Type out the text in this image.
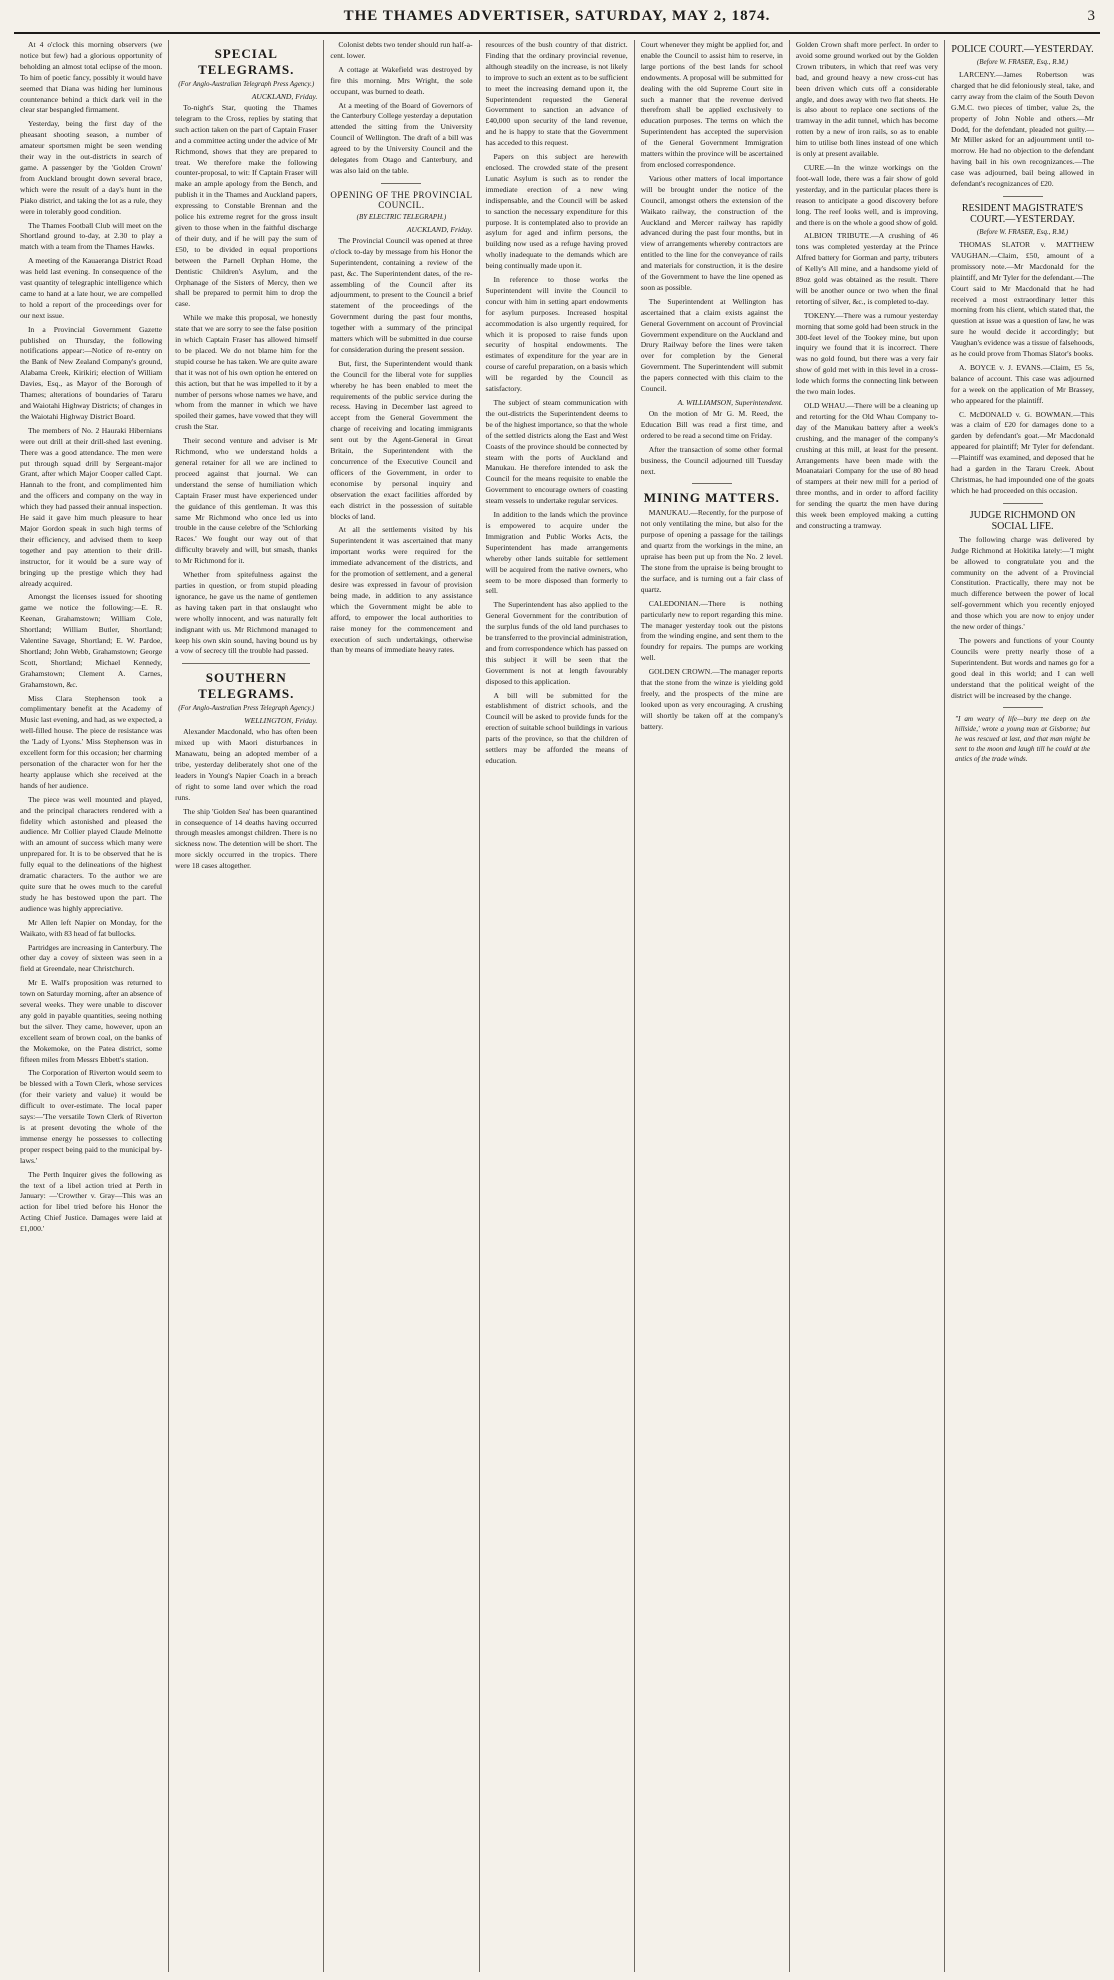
THE THAMES ADVERTISER, SATURDAY, MAY 2, 1874.	3

At 4 o'clock this morning observers (we notice but few) had a glorious opportunity of beholding an almost total eclipse of the moon. To him of poetic fancy, possibly it would have seemed that Diana was hiding her luminous countenance behind a thick dark veil in the clear star bespangled firmament.

Yesterday, being the first day of the pheasant shooting season, a number of amateur sportsmen might be seen wending their way in the out-districts in search of game. A passenger by the 'Golden Crown' from Auckland brought down several brace, which were the result of a day's hunt in the Piako district, and taking the lot as a rule, they were in tolerably good condition.

The Thames Football Club will meet on the Shortland ground to-day, at 2.30 to play a match with a team from the Thames Hawks.

A meeting of the Kauaeranga District Road was held last evening. In consequence of the vast quantity of telegraphic intelligence which came to hand at a late hour, we are compelled to hold a report of the proceedings over for our next issue.

In a Provincial Government Gazette published on Thursday, the following notifications appear:—Notice of re-entry on the Bank of New Zealand Company's ground, Alabama Creek, Kirikiri; election of William Davies, Esq., as Mayor of the Borough of Thames; alterations of boundaries of Tararu and Waiotahi Highway Districts; of changes in the Waiotahi Highway District Board.

The members of No. 2 Hauraki Hibernians were out drill at their drill-shed last evening. There was a good attendance. The men were put through squad drill by Sergeant-major Grant, after which Major Cooper called Capt. Hannah to the front, and complimented him and the officers and company on the way in which they had passed their annual inspection. He said it gave him much pleasure to hear Major Gordon speak in such high terms of their efficiency, and advised them to keep together and pay attention to their drill-instructor, for it would be a sure way of bringing up the prestige which they had already acquired.

Amongst the licenses issued for shooting game we notice the following:—E. R. Keenan, Grahamstown; William Cole, Shortland; William Butler, Shortland; Valentine Savage, Shortland; E. W. Pardoe, Shortland; John Webb, Grahamstown; George Scott, Shortland; Michael Kennedy, Grahamstown; Clement A. Carnes, Grahamstown, &c.

Miss Clara Stephenson took a complimentary benefit at the Academy of Music last evening, and had, as we expected, a well-filled house. The piece de resistance was the 'Lady of Lyons.' Miss Stephenson was in excellent form for this occasion; her charming personation of the character won for her the hearty applause which she received at the hands of her audience.

The piece was well mounted and played, and the principal characters rendered with a fidelity which astonished and pleased the audience. Mr Collier played Claude Melnotte with an amount of success which many were unprepared for. It is to be observed that he is fully equal to the delineations of the highest dramatic characters. To the author we are quite sure that he owes much to the careful study he has bestowed upon the part. The audience was highly appreciative.

Mr Allen left Napier on Monday, for the Waikato, with 83 head of fat bullocks.

Partridges are increasing in Canterbury. The other day a covey of sixteen was seen in a field at Greendale, near Christchurch.

Mr E. Wall's proposition was returned to town on Saturday morning, after an absence of several weeks. They were unable to discover any gold in payable quantities, seeing nothing but the silver. They came, however, upon an excellent seam of brown coal, on the banks of the Mokemoke, on the Patea district, some fifteen miles from Messrs Ebbett's station.

The Corporation of Riverton would seem to be blessed with a Town Clerk, whose services (for their variety and value) it would be difficult to over-estimate. The local paper says:—'The versatile Town Clerk of Riverton is at present devoting the whole of the immense energy he possesses to collecting proper respect being paid to the municipal by-laws.'

The Perth Inquirer gives the following as the text of a libel action tried at Perth in January: —'Crowther v. Gray—This was an action for libel tried before his Honor the Acting Chief Justice. Damages were laid at £1,000.'

SPECIAL TELEGRAMS.
(For Anglo-Australian Telegraph Press Agency.)
AUCKLAND, Friday.

To-night's Star, quoting the Thames telegram to the Cross, replies by stating that such action taken on the part of Captain Fraser and a committee acting under the advice of Mr Richmond, shows that they are prepared to treat. We therefore make the following counter-proposal, to wit: If Captain Fraser will make an ample apology from the Bench, and publish it in the Thames and Auckland papers, expressing to Constable Brennan and the police his extreme regret for the gross insult given to those when in the faithful discharge of their duty, and if he will pay the sum of £50, to be divided in equal proportions between the Parnell Orphan Home, the Dentistic Children's Asylum, and the Orphanage of the Sisters of Mercy, then we shall be prepared to permit him to drop the case.

While we make this proposal, we honestly state that we are sorry to see the false position in which Captain Fraser has allowed himself to be placed. We do not blame him for the stupid course he has taken. We are quite aware that it was not of his own option he entered on this action, but that he was impelled to it by a number of persons whose names we have, and whom from the manner in which we have spoiled their games, have vowed that they will crush the Star.

Their second venture and adviser is Mr Richmond, who we understand holds a general retainer for all we are inclined to proceed against that journal. We can understand the sense of humiliation which Captain Fraser must have experienced under the guidance of this gentleman. It was this same Mr Richmond who once led us into trouble in the cause celebre of the 'Schlorking Races.' We fought our way out of that difficulty bravely and will, but smash, thanks to Mr Richmond for it.

Whether from spitefulness against the parties in question, or from stupid pleading ignorance, he gave us the name of gentlemen as having taken part in that onslaught who were wholly innocent, and was naturally felt indignant with us. Mr Richmond managed to keep his own skin sound, having bound us by a vow of secrecy till the trouble had passed.

SOUTHERN TELEGRAMS.
(For Anglo-Australian Press Telegraph Agency.)
WELLINGTON, Friday.

Alexander Macdonald, who has often been mixed up with Maori disturbances in Manawatu, being an adopted member of a tribe, yesterday deliberately shot one of the leaders in Young's Napier Coach in a breach of right to some land over which the road runs.

The ship 'Golden Sea' has been quarantined in consequence of 14 deaths having occurred through measles amongst children. There is no sickness now. The detention will be short. The more sickly occurred in the tropics. There were 18 cases altogether.

Colonist debts two tender should run half-a-cent. lower.

A cottage at Wakefield was destroyed by fire this morning. Mrs Wright, the sole occupant, was burned to death.

At a meeting of the Board of Governors of the Canterbury College yesterday a deputation attended the sitting from the University Council of Wellington. The draft of a bill was agreed to by the University Council and the delegates from Otago and Canterbury, and was also laid on the table.

OPENING OF THE PROVINCIAL COUNCIL.
(BY ELECTRIC TELEGRAPH.)
AUCKLAND, Friday.

The Provincial Council was opened at three o'clock to-day by message from his Honor the Superintendent, containing a review of the past, &c. The Superintendent dates, of the re-assembling of the Council after its adjournment, to present to the Council a brief statement of the proceedings of the Government during the past four months, together with a summary of the principal matters which will be submitted in due course for consideration during the present session.

But, first, the Superintendent would thank the Council for the liberal vote for supplies whereby he has been enabled to meet the requirements of the public service during the recess. Having in December last agreed to accept from the General Government the charge of receiving and locating immigrants sent out by the Agent-General in Great Britain, the Superintendent with the concurrence of the Executive Council and officers of the Government, in order to economise by personal inquiry and observation the exact facilities afforded by each district in the possession of suitable blocks of land.

At all the settlements visited by his Superintendent it was ascertained that many important works were required for the immediate advancement of the districts, and for the promotion of settlement, and a general desire was expressed in favour of provision being made, in addition to any assistance which the Government might be able to afford, to empower the local authorities to raise money for the commencement and execution of such undertakings, otherwise than by means of immediate heavy rates.

resources of the bush country of that district. Finding that the ordinary provincial revenue, although steadily on the increase, is not likely to improve to such an extent as to be sufficient to meet the increasing demand upon it, the Superintendent requested the General Government to sanction an advance of £40,000 upon security of the land revenue, and he is happy to state that the Government has acceded to this request.

Papers on this subject are herewith enclosed. The crowded state of the present Lunatic Asylum is such as to render the immediate erection of a new wing indispensable, and the Council will be asked to sanction the necessary expenditure for this purpose. It is contemplated also to provide an asylum for aged and infirm persons, the building now used as a refuge having proved wholly inadequate to the demands which are being continually made upon it.

In reference to those works the Superintendent will invite the Council to concur with him in setting apart endowments for asylum purposes. Increased hospital accommodation is also urgently required, for which it is proposed to raise funds upon security of hospital endowments. The estimates of expenditure for the year are in course of careful preparation, on a basis which will be regarded by the Council as satisfactory.

The subject of steam communication with the out-districts the Superintendent deems to be of the highest importance, so that the whole of the settled districts along the East and West Coasts of the province should be connected by steam with the ports of Auckland and Manukau. He therefore intended to ask the Council for the means requisite to enable the Government to encourage owners of coasting steam vessels to undertake regular services.

In addition to the lands which the province is empowered to acquire under the Immigration and Public Works Acts, the Superintendent has made arrangements whereby other lands suitable for settlement will be acquired from the native owners, who seem to be more disposed than formerly to sell.

The Superintendent has also applied to the General Government for the contribution of the surplus funds of the old land purchases to be transferred to the provincial administration, and from correspondence which has passed on this subject it will be seen that the Government is not at length favourably disposed to this application.

A bill will be submitted for the establishment of district schools, and the Council will be asked to provide funds for the erection of suitable school buildings in various parts of the province, so that the children of settlers may be afforded the means of education.

Court whenever they might be applied for, and enable the Council to assist him to reserve, in large portions of the best lands for school endowments. A proposal will be submitted for dealing with the old Supreme Court site in such a manner that the revenue derived therefrom shall be applied exclusively to education purposes. The terms on which the Superintendent has accepted the supervision of the General Government Immigration matters within the province will be ascertained from enclosed correspondence.

Various other matters of local importance will be brought under the notice of the Council, amongst others the extension of the Waikato railway, the construction of the Auckland and Mercer railway has rapidly advanced during the past four months, but in view of arrangements whereby contractors are entitled to the line for the conveyance of rails and materials for construction, it is the desire of the Government to have the line opened as soon as possible.

The Superintendent at Wellington has ascertained that a claim exists against the General Government on account of Provincial Government expenditure on the Auckland and Drury Railway before the lines were taken over for completion by the General Government. The Superintendent will submit the papers connected with this claim to the Council.

A. WILLIAMSON, Superintendent.

On the motion of Mr G. M. Reed, the Education Bill was read a first time, and ordered to be read a second time on Friday.

After the transaction of some other formal business, the Council adjourned till Tuesday next.

MINING MATTERS.

MANUKAU.—Recently, for the purpose of not only ventilating the mine, but also for the purpose of opening a passage for the tailings and quartz from the workings in the mine, an upraise has been put up from the No. 2 level. The stone from the upraise is being brought to the surface, and is turning out a fair class of quartz.

CALEDONIAN.—There is nothing particularly new to report regarding this mine. The manager yesterday took out the pistons from the winding engine, and sent them to the foundry for repairs. The pumps are working well.

GOLDEN CROWN.—The manager reports that the stone from the winze is yielding gold freely, and the prospects of the mine are looked upon as very encouraging. A crushing will shortly be taken off at the company's battery.

Golden Crown shaft more perfect. In order to avoid some ground worked out by the Golden Crown tributers, in which that reef was very bad, and ground heavy a new cross-cut has been driven which cuts off a considerable angle, and does away with two flat sheets. He is also about to replace one sections of the tramway in the adit tunnel, which has become rotten by a new of iron rails, so as to enable him to utilise both lines instead of one which is only at present available.

CURE.—In the winze workings on the foot-wall lode, there was a fair show of gold yesterday, and in the particular places there is reason to anticipate a good discovery before long. The reef looks well, and is improving, and there is on the whole a good show of gold.

ALBION TRIBUTE.—A crushing of 46 tons was completed yesterday at the Prince Alfred battery for Gorman and party, tributers of Kelly's All mine, and a handsome yield of 89oz gold was obtained as the result. There will be another ounce or two when the final retorting of silver, &c., is completed to-day.

TOKENY.—There was a rumour yesterday morning that some gold had been struck in the 300-feet level of the Tookey mine, but upon inquiry we found that it is incorrect. There was no gold found, but there was a very fair show of gold met with in this level in a cross-lode which forms the connecting link between the two main lodes.

OLD WHAU.—There will be a cleaning up and retorting for the Old Whau Company to-day of the Manukau battery after a week's crushing, and the manager of the company's crushing at this mill, at least for the present. Arrangements have been made with the Moanataiari Company for the use of 80 head of stampers at their new mill for a period of three months, and in order to afford facility for sending the quartz the men have during this week been employed making a cutting and constructing a tramway.

POLICE COURT.—YESTERDAY.
(Before W. FRASER, Esq., R.M.)

LARCENY.—James Robertson was charged that he did feloniously steal, take, and carry away from the claim of the South Devon G.M.C. two pieces of timber, value 2s, the property of John Noble and others.—Mr Dodd, for the defendant, pleaded not guilty.—Mr Miller asked for an adjournment until to-morrow. He had no objection to the defendant having bail in his own recognizances.—The case was adjourned, bail being allowed in defendant's recognizances of £20.

RESIDENT MAGISTRATE'S COURT.—YESTERDAY.
(Before W. FRASER, Esq., R.M.)

THOMAS SLATOR v. MATTHEW VAUGHAN.—Claim, £50, amount of a promissory note.—Mr Macdonald for the plaintiff, and Mr Tyler for the defendant.—The Court said to Mr Macdonald that he had received a most extraordinary letter this morning from his client, which stated that, the question at issue was a question of law, he was sure he would decide it accordingly; but Vaughan's evidence was a tissue of falsehoods, as he could prove from Thomas Slator's books.

A. BOYCE v. J. EVANS.—Claim, £5 5s, balance of account. This case was adjourned for a week on the application of Mr Brassey, who appeared for the plaintiff.

C. McDONALD v. G. BOWMAN.—This was a claim of £20 for damages done to a garden by defendant's goat.—Mr Macdonald appeared for plaintiff; Mr Tyler for defendant.—Plaintiff was examined, and deposed that he had a garden in the Tararu Creek. About Christmas, he had impounded one of the goats which he had proceeded on this occasion.

JUDGE RICHMOND ON SOCIAL LIFE.

The following charge was delivered by Judge Richmond at Hokitika lately:—'I might be allowed to congratulate you and the community on the advent of a Provincial Constitution. Practically, there may not be much difference between the power of local self-government which you recently enjoyed and those which you are now to enjoy under the new order of things.'

The powers and functions of your County Councils were pretty nearly those of a Superintendent. But words and names go for a good deal in this world; and I can well understand that the political weight of the district will be increased by the change.

"I am weary of life—bury me deep on the hillside,' wrote a young man at Gisborne; but he was rescued at last, and that man might be sent to the moon and laugh till he could at the antics of the trade winds.
